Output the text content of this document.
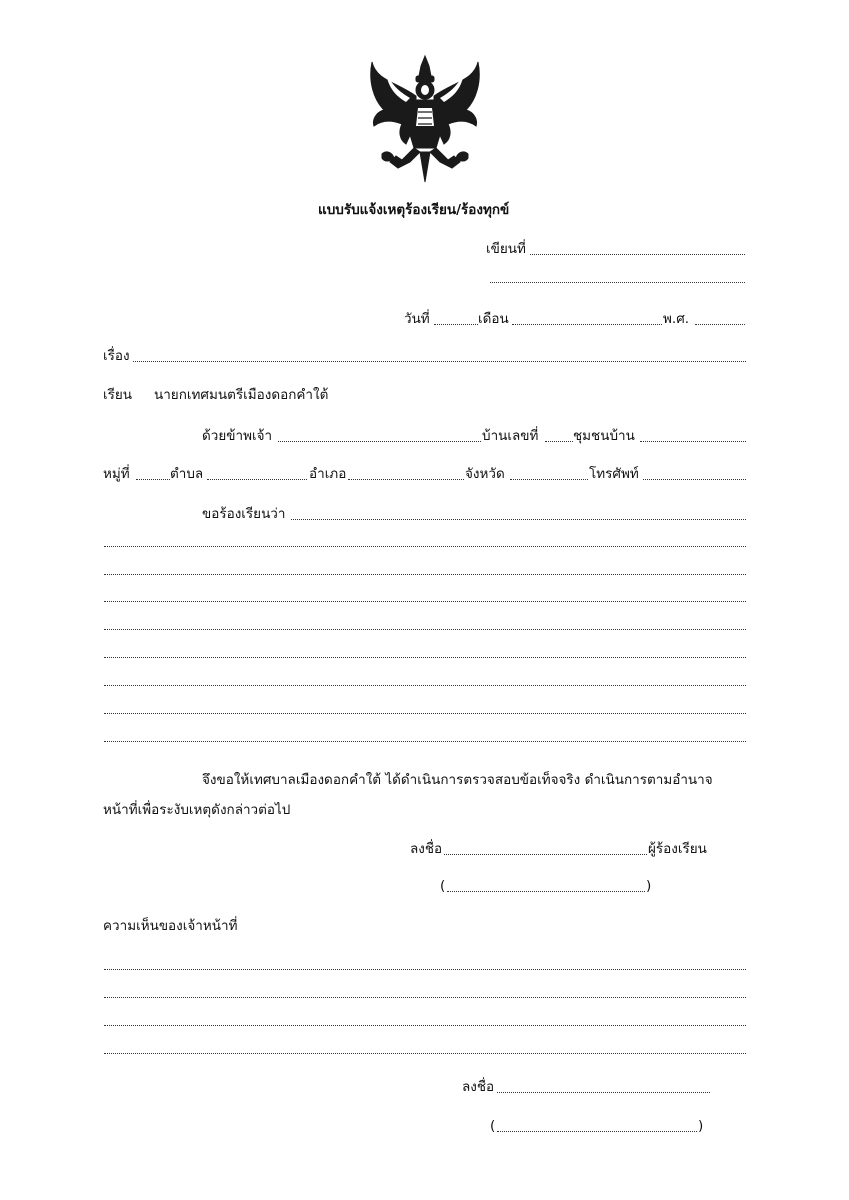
แบบรับแจ้งเหตุร้องเรียน/ร้องทุกข์
เขียนที่
วันที่	เดือน	พ.ศ.
เรื่อง
เรียน นายกเทศมนตรีเมืองดอกคำใต้
ด้วยข้าพเจ้า	บ้านเลขที่	ชุมชนบ้าน
หมู่ที่	ตำบล	อำเภอ	จังหวัด	โทรศัพท์
ขอร้องเรียนว่า
จึงขอให้เทศบาลเมืองดอกคำใต้ ได้ดำเนินการตรวจสอบข้อเท็จจริง ดำเนินการตามอำนาจ
หน้าที่เพื่อระงับเหตุดังกล่าวต่อไป
ลงชื่อ	ผู้ร้องเรียน
(	)
ความเห็นของเจ้าหน้าที่
ลงชื่อ
(	)
